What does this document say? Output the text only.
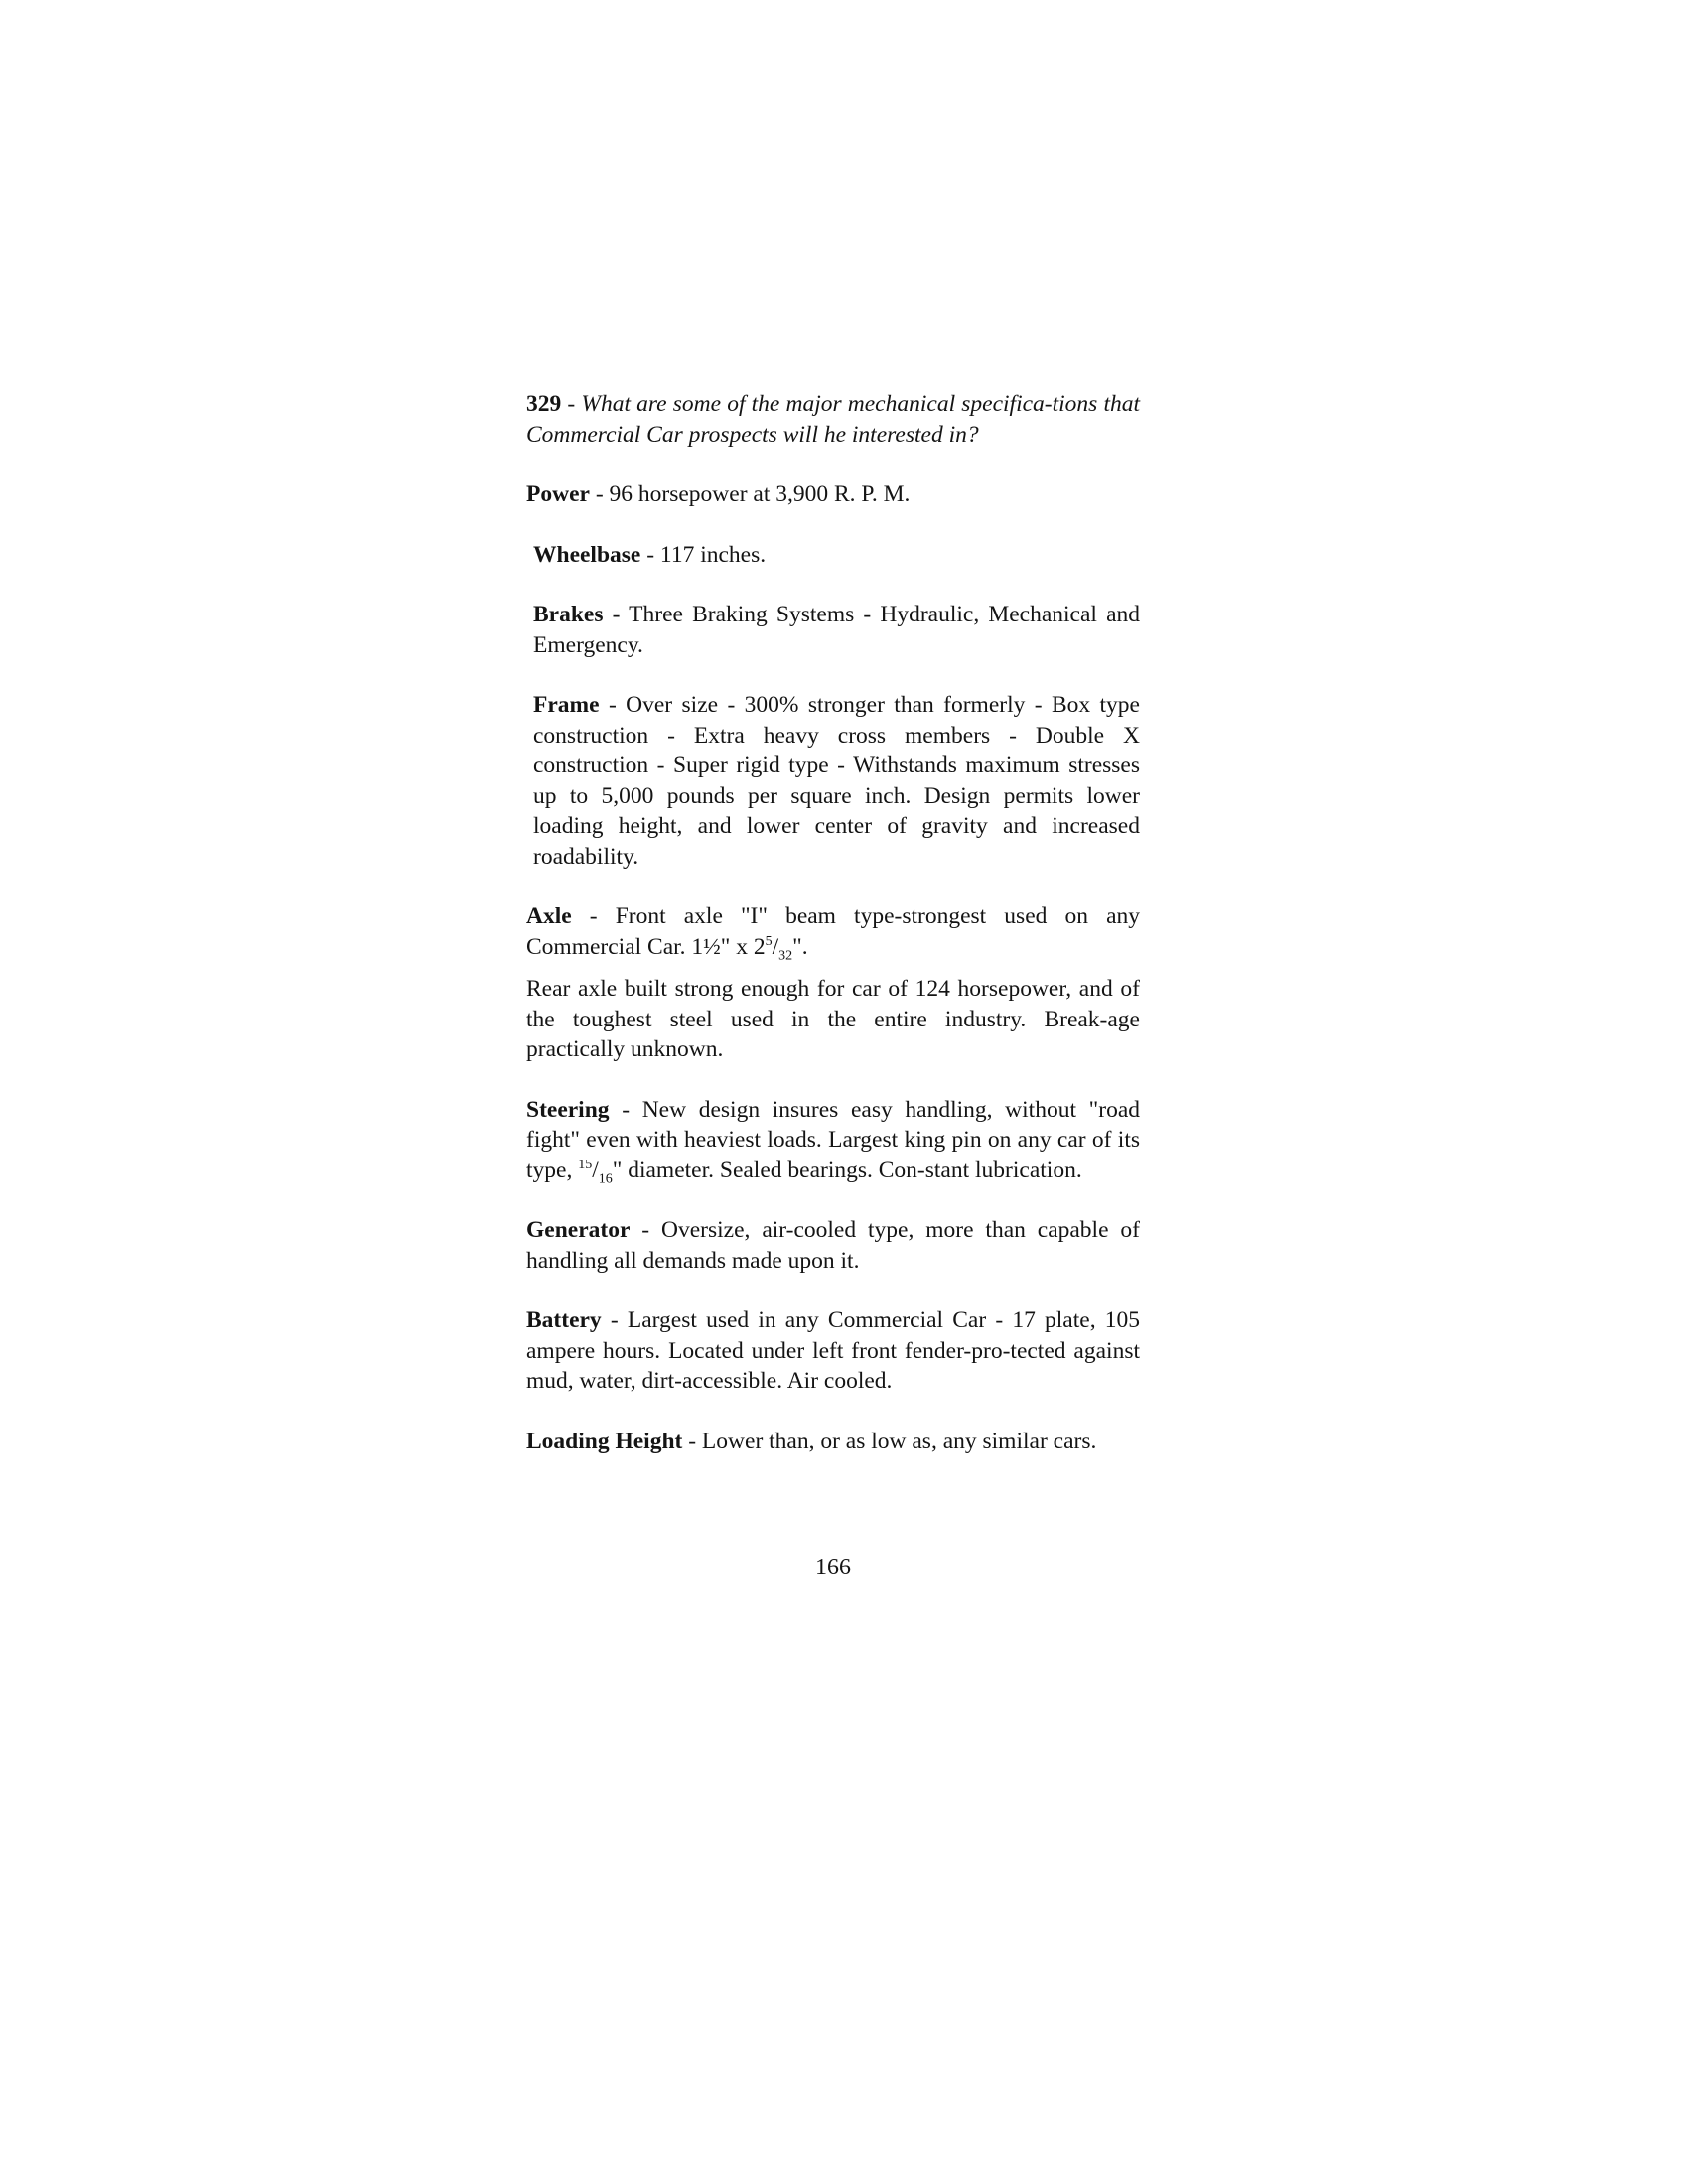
329 - What are some of the major mechanical specifica-tions that Commercial Car prospects will he interested in?

Power - 96 horsepower at 3,900 R. P. M.

Wheelbase - 117 inches.

Brakes - Three Braking Systems - Hydraulic, Mechanical and Emergency.

Frame - Over size - 300% stronger than formerly - Box type construction - Extra heavy cross members - Double X construction - Super rigid type - Withstands maximum stresses up to 5,000 pounds per square inch. Design permits lower loading height, and lower center of gravity and increased roadability.

Axle - Front axle "I" beam type-strongest used on any Commercial Car. 1½" x $2^5/_{32}$".

Rear axle built strong enough for car of 124 horsepower, and of the toughest steel used in the entire industry. Break-age practically unknown.

Steering - New design insures easy handling, without "road fight" even with heaviest loads. Largest king pin on any car of its type, $^{15}/_{16}$" diameter. Sealed bearings. Con-stant lubrication.

Generator - Oversize, air-cooled type, more than capable of handling all demands made upon it.

Battery - Largest used in any Commercial Car - 17 plate, 105 ampere hours. Located under left front fender-pro-tected against mud, water, dirt-accessible. Air cooled.

Loading Height - Lower than, or as low as, any similar cars.

166
